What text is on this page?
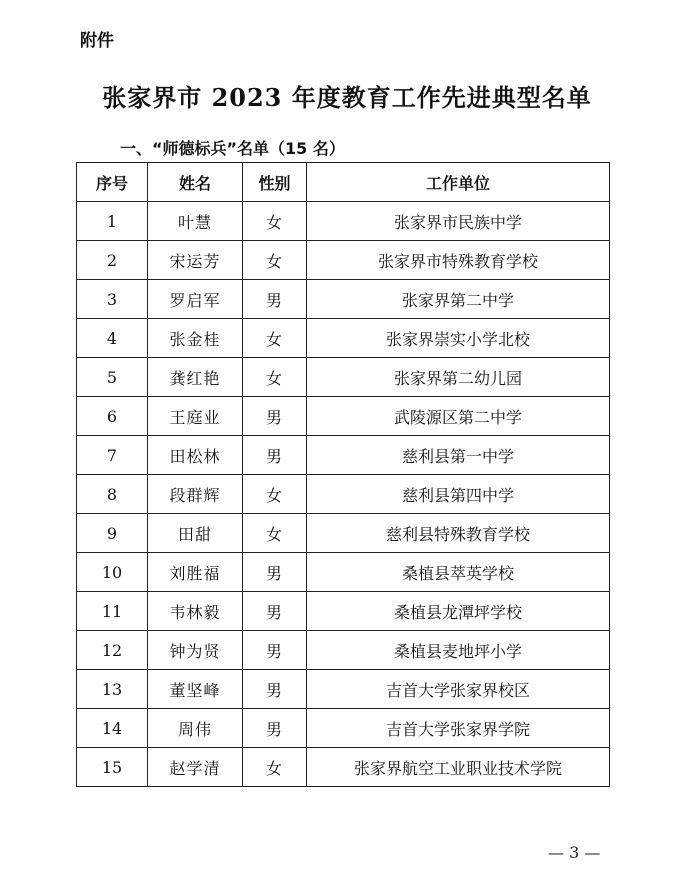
附件
张家界市 2023 年度教育工作先进典型名单
一、“师德标兵”名单（15 名）
序号	姓名	性别	工作单位
1	叶慧	女	张家界市民族中学
2	宋运芳	女	张家界市特殊教育学校
3	罗启军	男	张家界第二中学
4	张金桂	女	张家界崇实小学北校
5	龚红艳	女	张家界第二幼儿园
6	王庭业	男	武陵源区第二中学
7	田松林	男	慈利县第一中学
8	段群辉	女	慈利县第四中学
9	田甜	女	慈利县特殊教育学校
10	刘胜福	男	桑植县萃英学校
11	韦林毅	男	桑植县龙潭坪学校
12	钟为贤	男	桑植县麦地坪小学
13	董坚峰	男	吉首大学张家界校区
14	周伟	男	吉首大学张家界学院
15	赵学清	女	张家界航空工业职业技术学院
— 3 —
